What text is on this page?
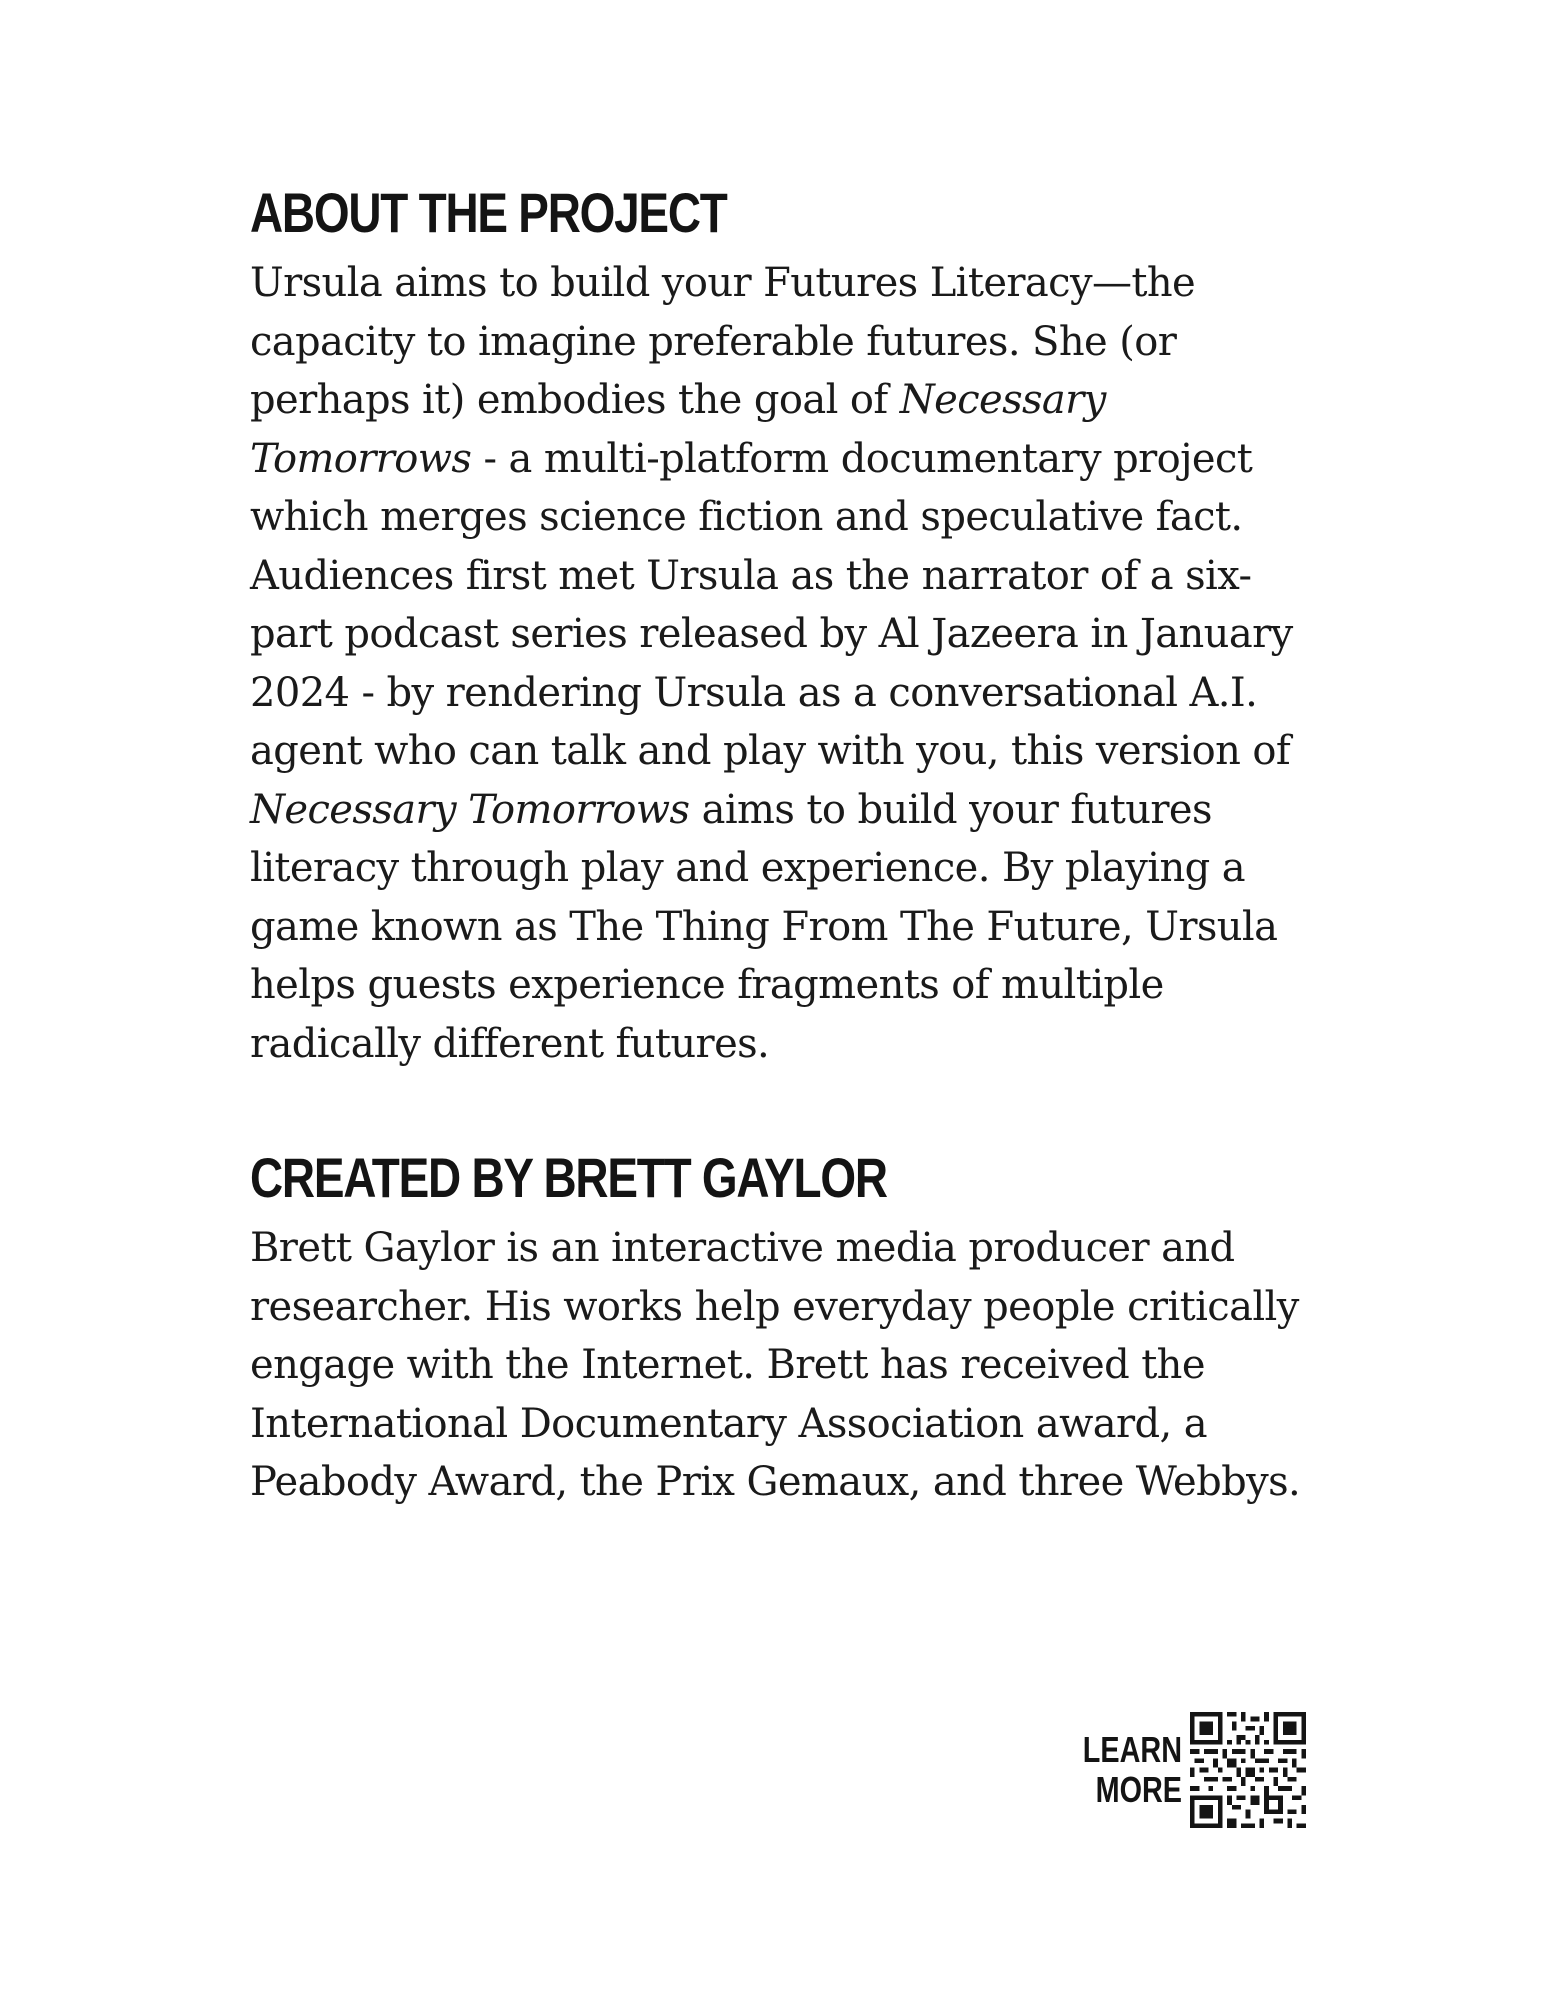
ABOUT THE PROJECT

Ursula aims to build your Futures Literacy—the capacity to imagine preferable futures. She (or perhaps it) embodies the goal of Necessary Tomorrows - a multi-platform documentary project which merges science fiction and speculative fact. Audiences first met Ursula as the narrator of a six-part podcast series released by Al Jazeera in January 2024 - by rendering Ursula as a conversational A.I. agent who can talk and play with you, this version of Necessary Tomorrows aims to build your futures literacy through play and experience. By playing a game known as The Thing From The Future, Ursula helps guests experience fragments of multiple radically different futures.

CREATED BY BRETT GAYLOR

Brett Gaylor is an interactive media producer and researcher. His works help everyday people critically engage with the Internet. Brett has received the International Documentary Association award, a Peabody Award, the Prix Gemaux, and three Webbys.

LEARN
MORE
